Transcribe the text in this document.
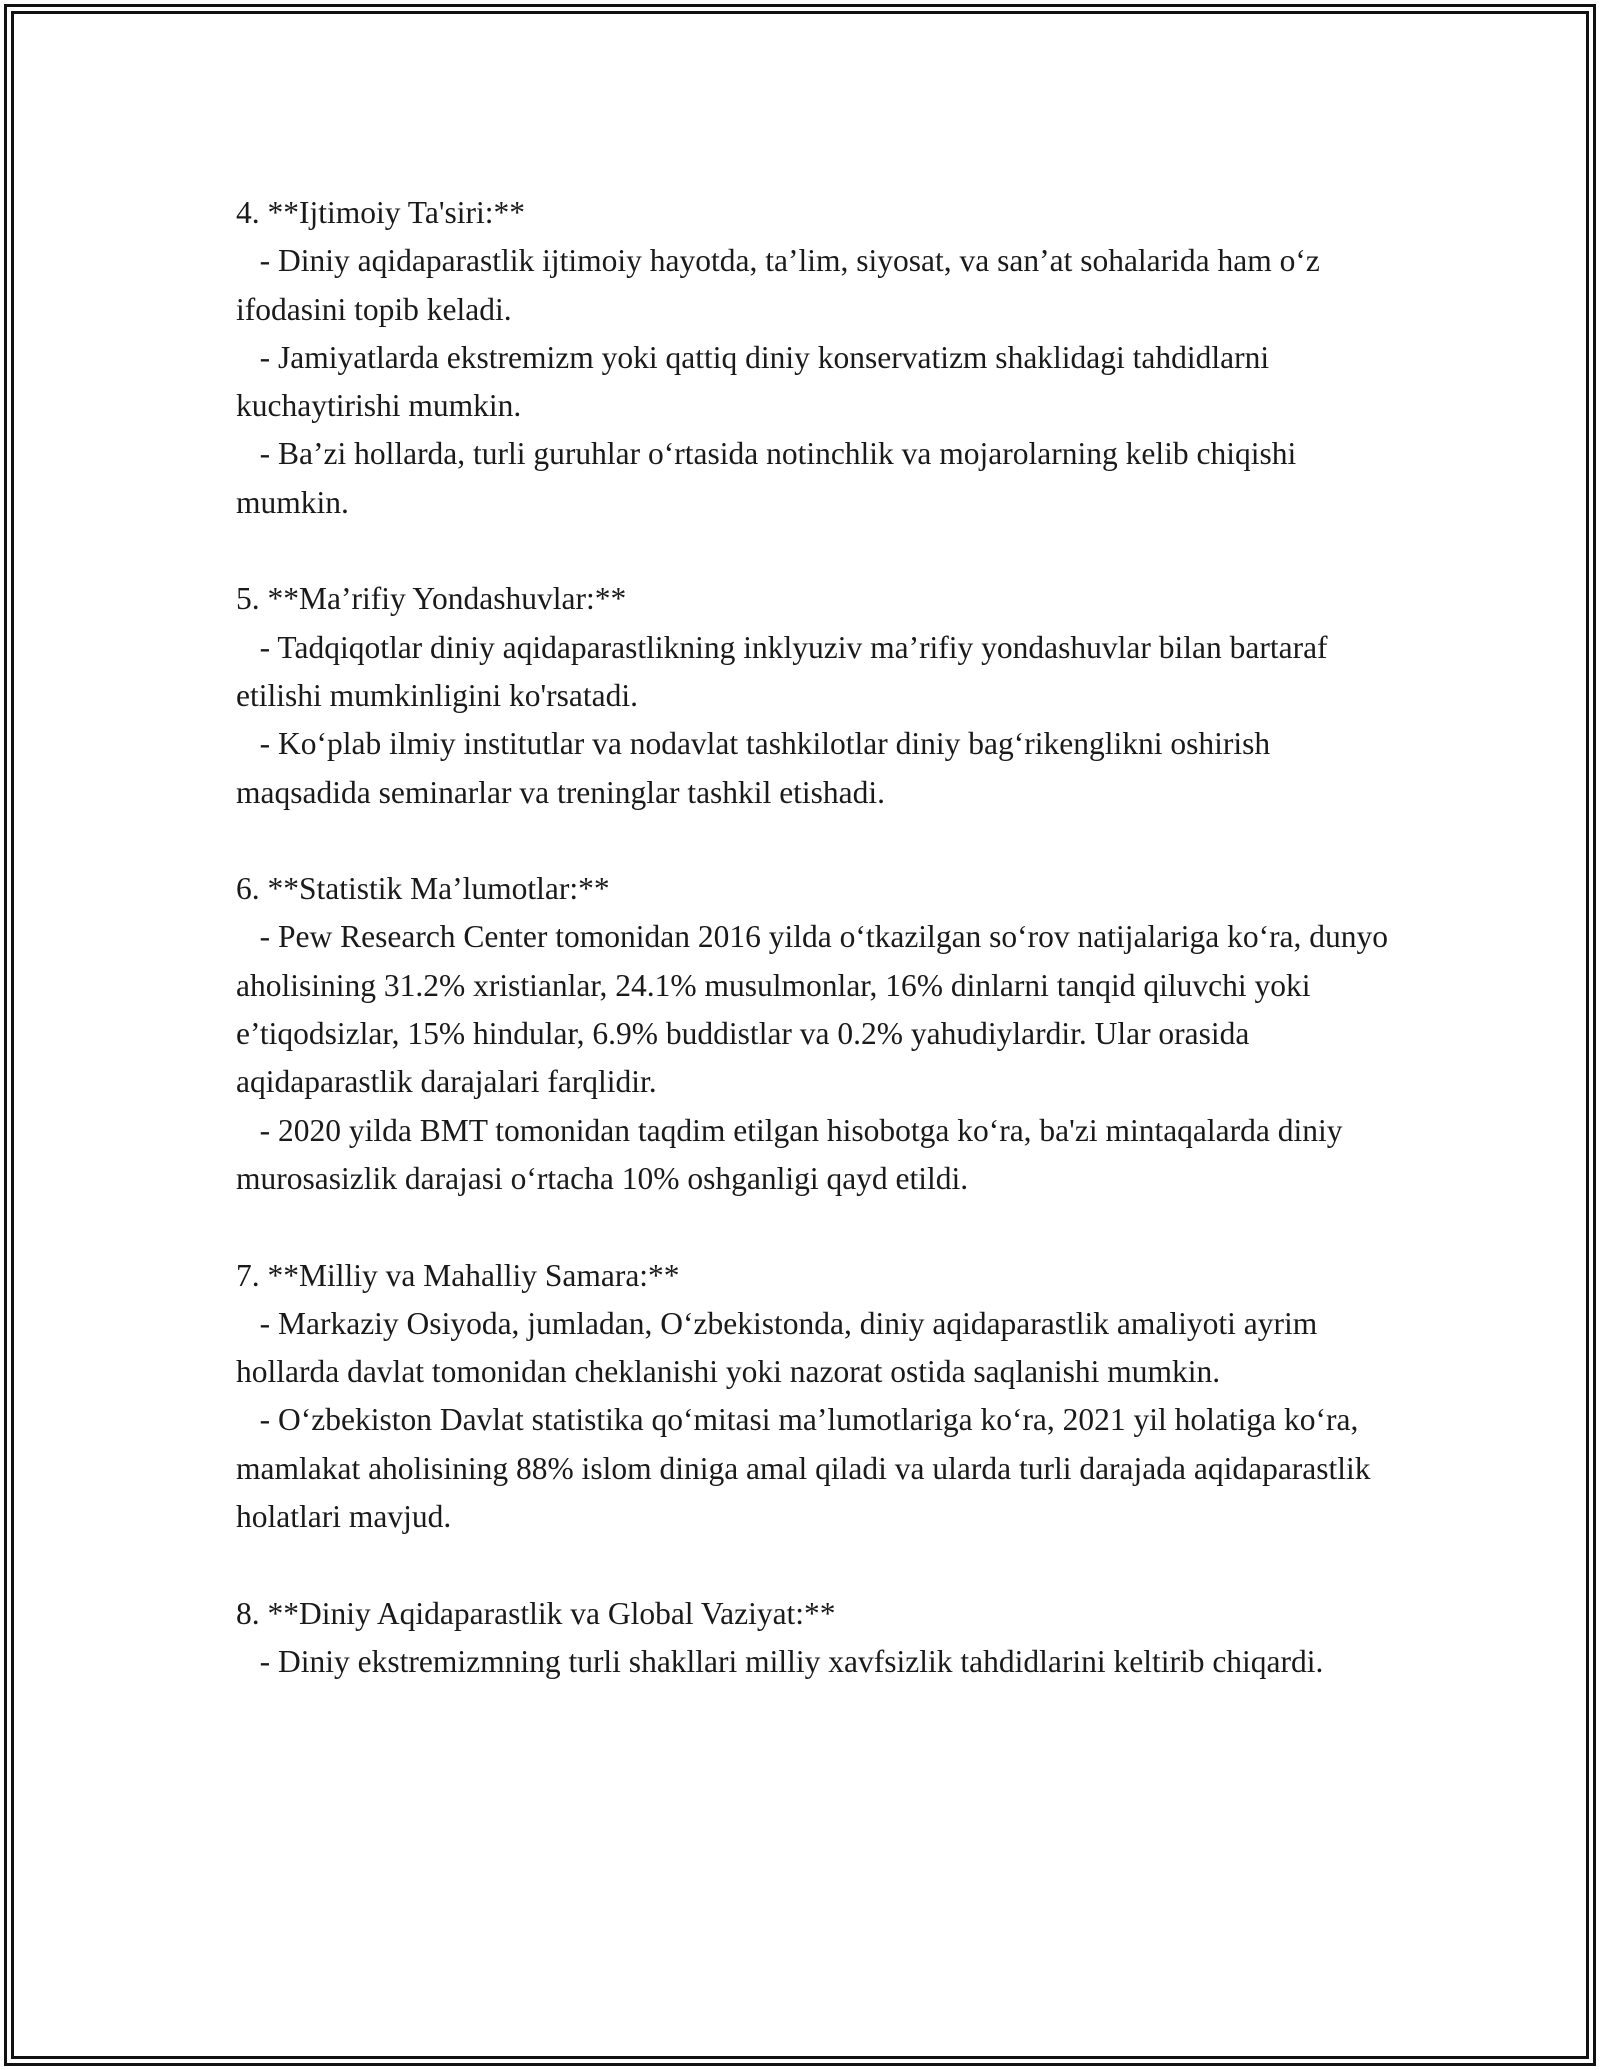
4. **Ijtimoiy Ta'siri:**

- Diniy aqidaparastlik ijtimoiy hayotda, ta’lim, siyosat, va san’at sohalarida ham o‘z ifodasini topib keladi.

- Jamiyatlarda ekstremizm yoki qattiq diniy konservatizm shaklidagi tahdidlarni kuchaytirishi mumkin.

- Ba’zi hollarda, turli guruhlar o‘rtasida notinchlik va mojarolarning kelib chiqishi mumkin.

5. **Ma’rifiy Yondashuvlar:**

- Tadqiqotlar diniy aqidaparastlikning inklyuziv ma’rifiy yondashuvlar bilan bartaraf etilishi mumkinligini ko'rsatadi.

- Ko‘plab ilmiy institutlar va nodavlat tashkilotlar diniy bag‘rikenglikni oshirish maqsadida seminarlar va treninglar tashkil etishadi.

6. **Statistik Ma’lumotlar:**

- Pew Research Center tomonidan 2016 yilda o‘tkazilgan so‘rov natijalariga ko‘ra, dunyo aholisining 31.2% xristianlar, 24.1% musulmonlar, 16% dinlarni tanqid qiluvchi yoki e’tiqodsizlar, 15% hindular, 6.9% buddistlar va 0.2% yahudiylardir. Ular orasida aqidaparastlik darajalari farqlidir.

- 2020 yilda BMT tomonidan taqdim etilgan hisobotga ko‘ra, ba'zi mintaqalarda diniy murosasizlik darajasi o‘rtacha 10% oshganligi qayd etildi.

7. **Milliy va Mahalliy Samara:**

- Markaziy Osiyoda, jumladan, O‘zbekistonda, diniy aqidaparastlik amaliyoti ayrim hollarda davlat tomonidan cheklanishi yoki nazorat ostida saqlanishi mumkin.

- O‘zbekiston Davlat statistika qo‘mitasi ma’lumotlariga ko‘ra, 2021 yil holatiga ko‘ra, mamlakat aholisining 88% islom diniga amal qiladi va ularda turli darajada aqidaparastlik holatlari mavjud.

8. **Diniy Aqidaparastlik va Global Vaziyat:**

- Diniy ekstremizmning turli shakllari milliy xavfsizlik tahdidlarini keltirib chiqardi.
